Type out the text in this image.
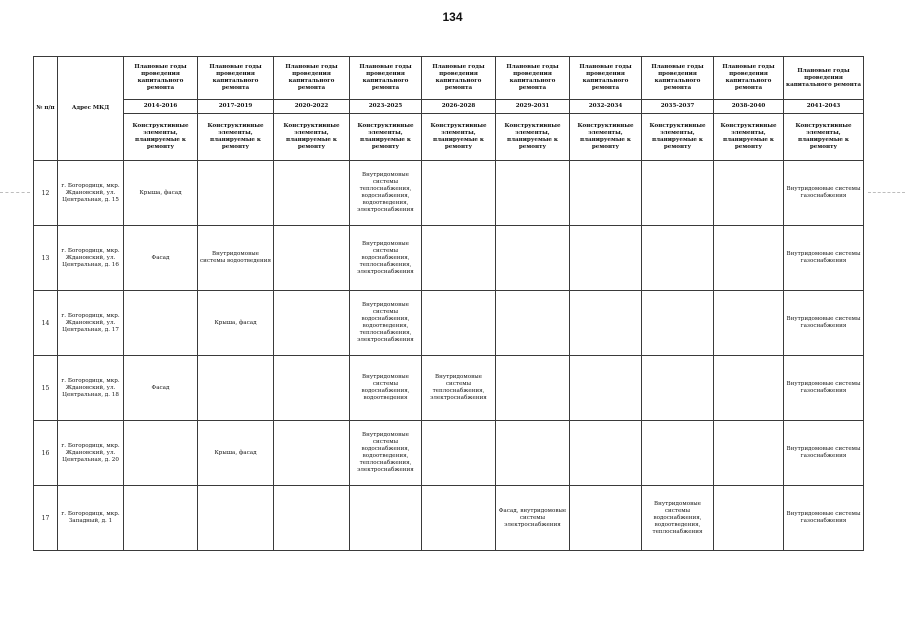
134
№ п/п	Адрес МКД	Плановые годы проведения капитального ремонта	Плановые годы проведения капитального ремонта	Плановые годы проведения капитального ремонта	Плановые годы проведения капитального ремонта	Плановые годы проведения капитального ремонта	Плановые годы проведения капитального ремонта	Плановые годы проведения капитального ремонта	Плановые годы проведения капитального ремонта	Плановые годы проведения капитального ремонта	Плановые годы проведения капитального ремонта
		2014-2016	2017-2019	2020-2022	2023-2025	2026-2028	2029-2031	2032-2034	2035-2037	2038-2040	2041-2043
		Конструктивные элементы, планируемые к ремонту	Конструктивные элементы, планируемые к ремонту	Конструктивные элементы, планируемые к ремонту	Конструктивные элементы, планируемые к ремонту	Конструктивные элементы, планируемые к ремонту	Конструктивные элементы, планируемые к ремонту	Конструктивные элементы, планируемые к ремонту	Конструктивные элементы, планируемые к ремонту	Конструктивные элементы, планируемые к ремонту	Конструктивные элементы, планируемые к ремонту
12	г. Богородицк, мкр. Ждановский, ул. Центральная, д. 15	Крыша, фасад			Внутридомовые системы теплоснабжения, водоснабжения, водоотведения, электроснабжения						Внутридомовые системы газоснабжения
13	г. Богородицк, мкр. Ждановский, ул. Центральная, д. 16	Фасад	Внутридомовые системы водоотведения		Внутридомовые системы водоснабжения, теплоснабжения, электроснабжения						Внутридомовые системы газоснабжения
14	г. Богородицк, мкр. Ждановский, ул. Центральная, д. 17		Крыша, фасад		Внутридомовые системы водоснабжения, водоотведения, теплоснабжения, электроснабжения						Внутридомовые системы газоснабжения
15	г. Богородицк, мкр. Ждановский, ул. Центральная, д. 18	Фасад			Внутридомовые системы водоснабжения, водоотведения	Внутридомовые системы теплоснабжения, электроснабжения					Внутридомовые системы газоснабжения
16	г. Богородицк, мкр. Ждановский, ул. Центральная, д. 20		Крыша, фасад		Внутридомовые системы водоснабжения, водоотведения, теплоснабжения, электроснабжения						Внутридомовые системы газоснабжения
17	г. Богородицк, мкр. Западный, д. 1						Фасад, внутридомовые системы электроснабжения		Внутридомовые системы водоснабжения, водоотведения, теплоснабжения		Внутридомовые системы газоснабжения
